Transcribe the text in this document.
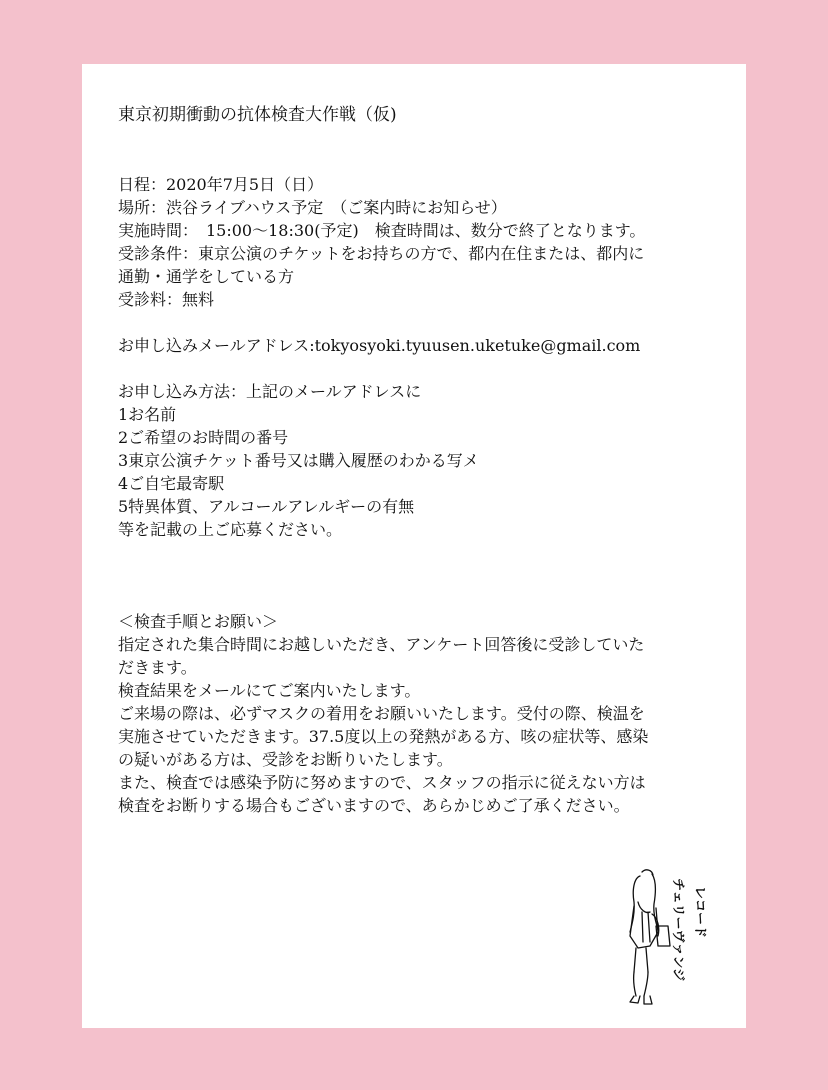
東京初期衝動の抗体検査大作戦（仮)
日程：2020年7月5日（日）
場所：渋谷ライブハウス予定　（ご案内時にお知らせ）
実施時間：　15:00〜18:30(予定)　検査時間は、数分で終了となります。
受診条件：東京公演のチケットをお持ちの方で、都内在住または、都内に
通勤・通学をしている方
受診料：無料
お申し込みメールアドレス:tokyosyoki.tyuusen.uketuke@gmail.com
お申し込み方法：上記のメールアドレスに
1お名前
2ご希望のお時間の番号
3東京公演チケット番号又は購入履歴のわかる写メ
4ご自宅最寄駅
5特異体質、アルコールアレルギーの有無
等を記載の上ご応募ください。
＜検査手順とお願い＞
指定された集合時間にお越しいただき、アンケート回答後に受診していた
だきます。
検査結果をメールにてご案内いたします。
ご来場の際は、必ずマスクの着用をお願いいたします。受付の際、検温を
実施させていただきます。37.5度以上の発熱がある方、咳の症状等、感染
の疑いがある方は、受診をお断りいたします。
また、検査では感染予防に努めますので、スタッフの指示に従えない方は
検査をお断りする場合もございますので、あらかじめご了承ください。
チェリーヴァンジ レコード
